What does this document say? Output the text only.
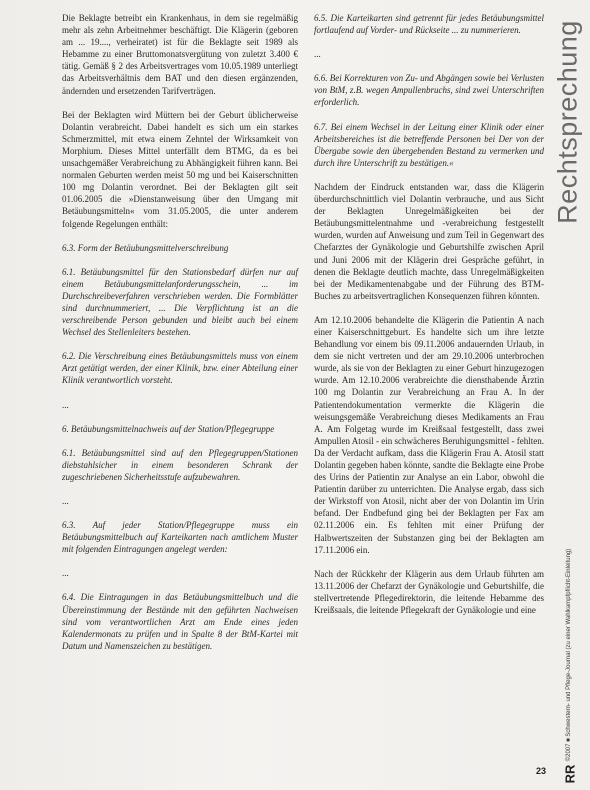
Die Beklagte betreibt ein Krankenhaus, in dem sie regelmäßig mehr als zehn Arbeitnehmer beschäftigt. Die Klägerin (geboren am ... 19...., verheiratet) ist für die Beklagte seit 1989 als Hebamme zu einer Bruttomonatsvergütung von zuletzt 3.400 € tätig. Gemäß § 2 des Arbeitsvertrages vom 10.05.1989 unterliegt das Arbeitsverhältnis dem BAT und den diesen ergänzenden, ändernden und ersetzenden Tarifverträgen.

Bei der Beklagten wird Müttern bei der Geburt üblicherweise Dolantin verabreicht. Dabei handelt es sich um ein starkes Schmerzmittel, mit etwa einem Zehntel der Wirksamkeit von Morphium. Dieses Mittel unterfällt dem BTMG, da es bei unsachgemäßer Verabreichung zu Abhängigkeit führen kann. Bei normalen Geburten werden meist 50 mg und bei Kaiserschnitten 100 mg Dolantin verordnet. Bei der Beklagten gilt seit 01.06.2005 die »Dienstanweisung über den Umgang mit Betäubungsmitteln« vom 31.05.2005, die unter anderem folgende Regelungen enthält:

6.3. Form der Betäubungsmittelverschreibung

6.1. Betäubungsmittel für den Stationsbedarf dürfen nur auf einem Betäubungsmittelanforderungsschein, ... im Durchschreibeverfahren verschrieben werden. Die Formblätter sind durchnummeriert, ... Die Verpflichtung ist an die verschreibende Person gebunden und bleibt auch bei einem Wechsel des Stellenleiters bestehen.

6.2. Die Verschreibung eines Betäubungsmittels muss von einem Arzt getätigt werden, der einer Klinik, bzw. einer Abteilung einer Klinik verantwortlich vorsteht.

...

6. Betäubungsmittelnachweis auf der Station/Pflegegruppe

6.1. Betäubungsmittel sind auf den Pflegegruppen/Stationen diebstahlsicher in einem besonderen Schrank der zugeschriebenen Sicherheitsstufe aufzubewahren.

...

6.3. Auf jeder Station/Pflegegruppe muss ein Betäubungsmittelbuch auf Karteikarten nach amtlichem Muster mit folgenden Eintragungen angelegt werden:

...

6.4. Die Eintragungen in das Betäubungsmittelbuch und die Übereinstimmung der Bestände mit den geführten Nachweisen sind vom verantwortlichen Arzt am Ende eines jeden Kalendermonats zu prüfen und in Spalte 8 der BtM-Kartei mit Datum und Namenszeichen zu bestätigen.

6.5. Die Karteikarten sind getrennt für jedes Betäubungsmittel fortlaufend auf Vorder- und Rückseite ... zu nummerieren.

...

6.6. Bei Korrekturen von Zu- und Abgängen sowie bei Verlusten von BtM, z.B. wegen Ampullenbruchs, sind zwei Unterschriften erforderlich.

6.7. Bei einem Wechsel in der Leitung einer Klinik oder einer Arbeitsbereiches ist die betreffende Personen bei Der von der Übergabe sowie den übergebenden Bestand zu vermerken und durch ihre Unterschrift zu bestätigen.«

Nachdem der Eindruck entstanden war, dass die Klägerin überdurchschnittlich viel Dolantin verbrauche, und aus Sicht der Beklagten Unregelmäßigkeiten bei der Betäubungsmittelentnahme und -verabreichung festgestellt wurden, wurden auf Anweisung und zum Teil in Gegenwart des Chefarztes der Gynäkologie und Geburtshilfe zwischen April und Juni 2006 mit der Klägerin drei Gespräche geführt, in denen die Beklagte deutlich machte, dass Unregelmäßigkeiten bei der Medikamentenabgabe und der Führung des BTM-Buches zu arbeitsvertraglichen Konsequenzen führen könnten.

Am 12.10.2006 behandelte die Klägerin die Patientin A nach einer Kaiserschnittgeburt. Es handelte sich um ihre letzte Behandlung vor einem bis 09.11.2006 andauernden Urlaub, in dem sie nicht vertreten und der am 29.10.2006 unterbrochen wurde, als sie von der Beklagten zu einer Geburt hinzugezogen wurde. Am 12.10.2006 verabreichte die diensthabende Ärztin 100 mg Dolantin zur Verabreichung an Frau A. In der Patientendokumentation vermerkte die Klägerin die weisungsgemäße Verabreichung dieses Medikaments an Frau A. Am Folgetag wurde im Kreißsaal festgestellt, dass zwei Ampullen Atosil - ein schwächeres Beruhigungsmittel - fehlten. Da der Verdacht aufkam, dass die Klägerin Frau A. Atosil statt Dolantin gegeben haben könnte, sandte die Beklagte eine Probe des Urins der Patientin zur Analyse an ein Labor, obwohl die Patientin darüber zu unterrichten. Die Analyse ergab, dass sich der Wirkstoff von Atosil, nicht aber der von Dolantin im Urin befand. Der Endbefund ging bei der Beklagten per Fax am 02.11.2006 ein. Es fehlten mit einer Prüfung der Halbwertszeiten der Substanzen ging bei der Beklagten am 17.11.2006 ein.

Nach der Rückkehr der Klägerin aus dem Urlaub führten am 13.11.2006 der Chefarzt der Gynäkologie und Geburtshilfe, die stellvertretende Pflegedirektorin, die leitende Hebamme des Kreißsaals, die leitende Pflegekraft der Gynäkologie und eine

Rechtsprechung
©2007 ■ Schwestern- und Pflege-Journal (zu einer Wahlkampfpflicht-Einleitung)
RR
23
